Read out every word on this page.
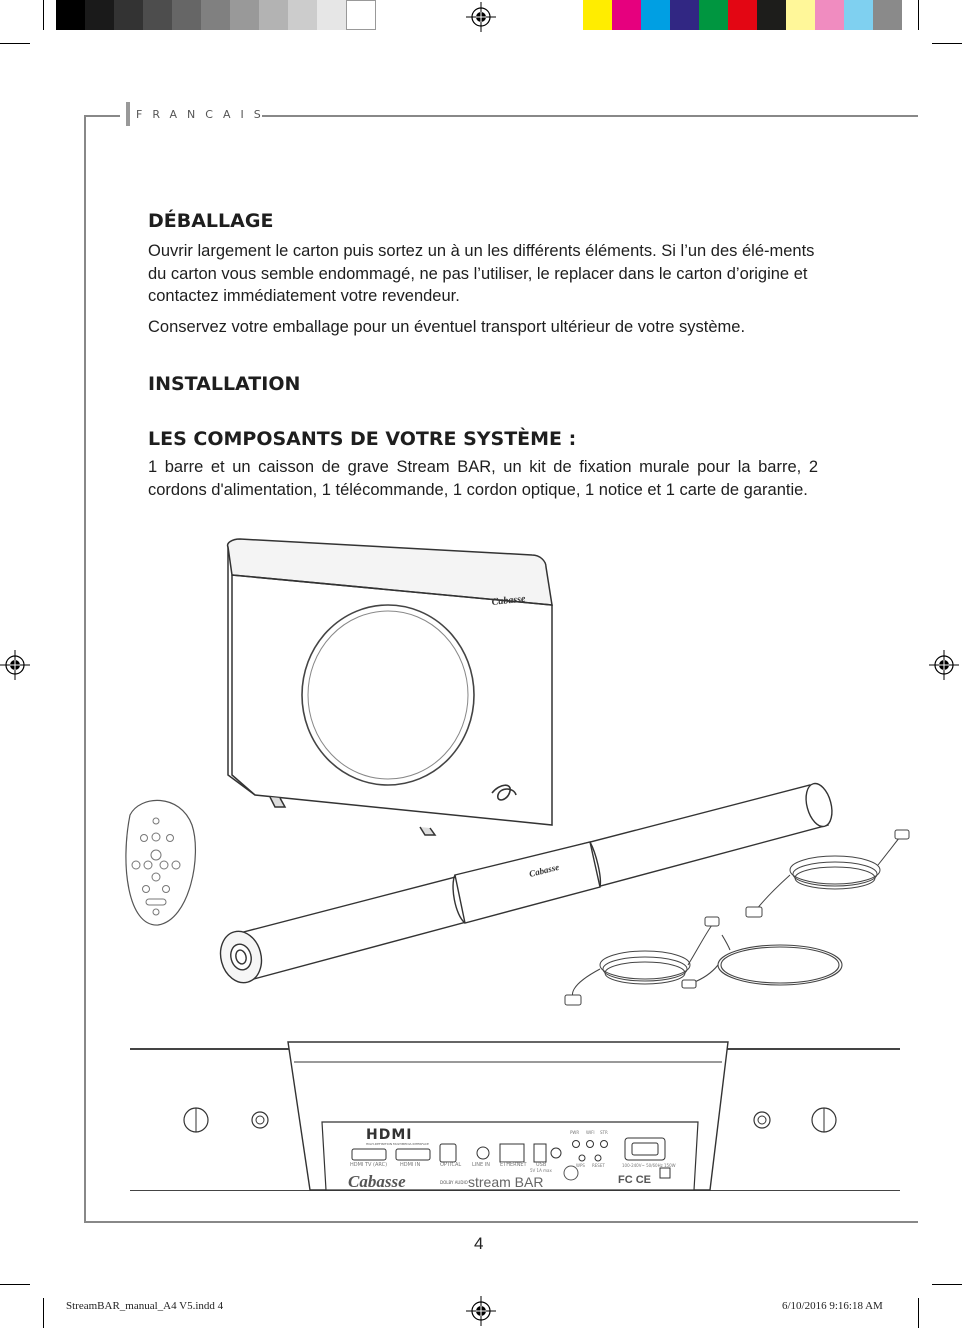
FRANCAIS
DÉBALLAGE

Ouvrir largement le carton puis sortez un à un les différents éléments. Si l’un des élé-ments du carton vous semble endommagé, ne pas l’utiliser, le replacer dans le carton d’origine et contactez immédiatement votre revendeur.

Conservez votre emballage pour un éventuel transport ultérieur de votre système.

INSTALLATION
LES COMPOSANTS DE VOTRE SYSTÈME :

1 barre et un caisson de grave Stream BAR, un kit de fixation murale pour la barre, 2 cordons d'alimentation, 1 télécommande, 1 cordon optique, 1 notice et 1 carte de garantie.

Cabasse
Cabasse
HDMI
HIGH-DEFINITION MULTIMEDIA INTERFACE
HDMI TV (ARC)	HDMI IN	OPTICAL LINE IN ETHERNET USB
5V 1A max
DOLBY AUDIO
PWR WIFI STR
WPS RESET	100-240V~ 50/60Hz 150W
Cabasse	stream BAR	FC CE
4
StreamBAR_manual_A4 V5.indd 4	6/10/2016 9:16:18 AM
